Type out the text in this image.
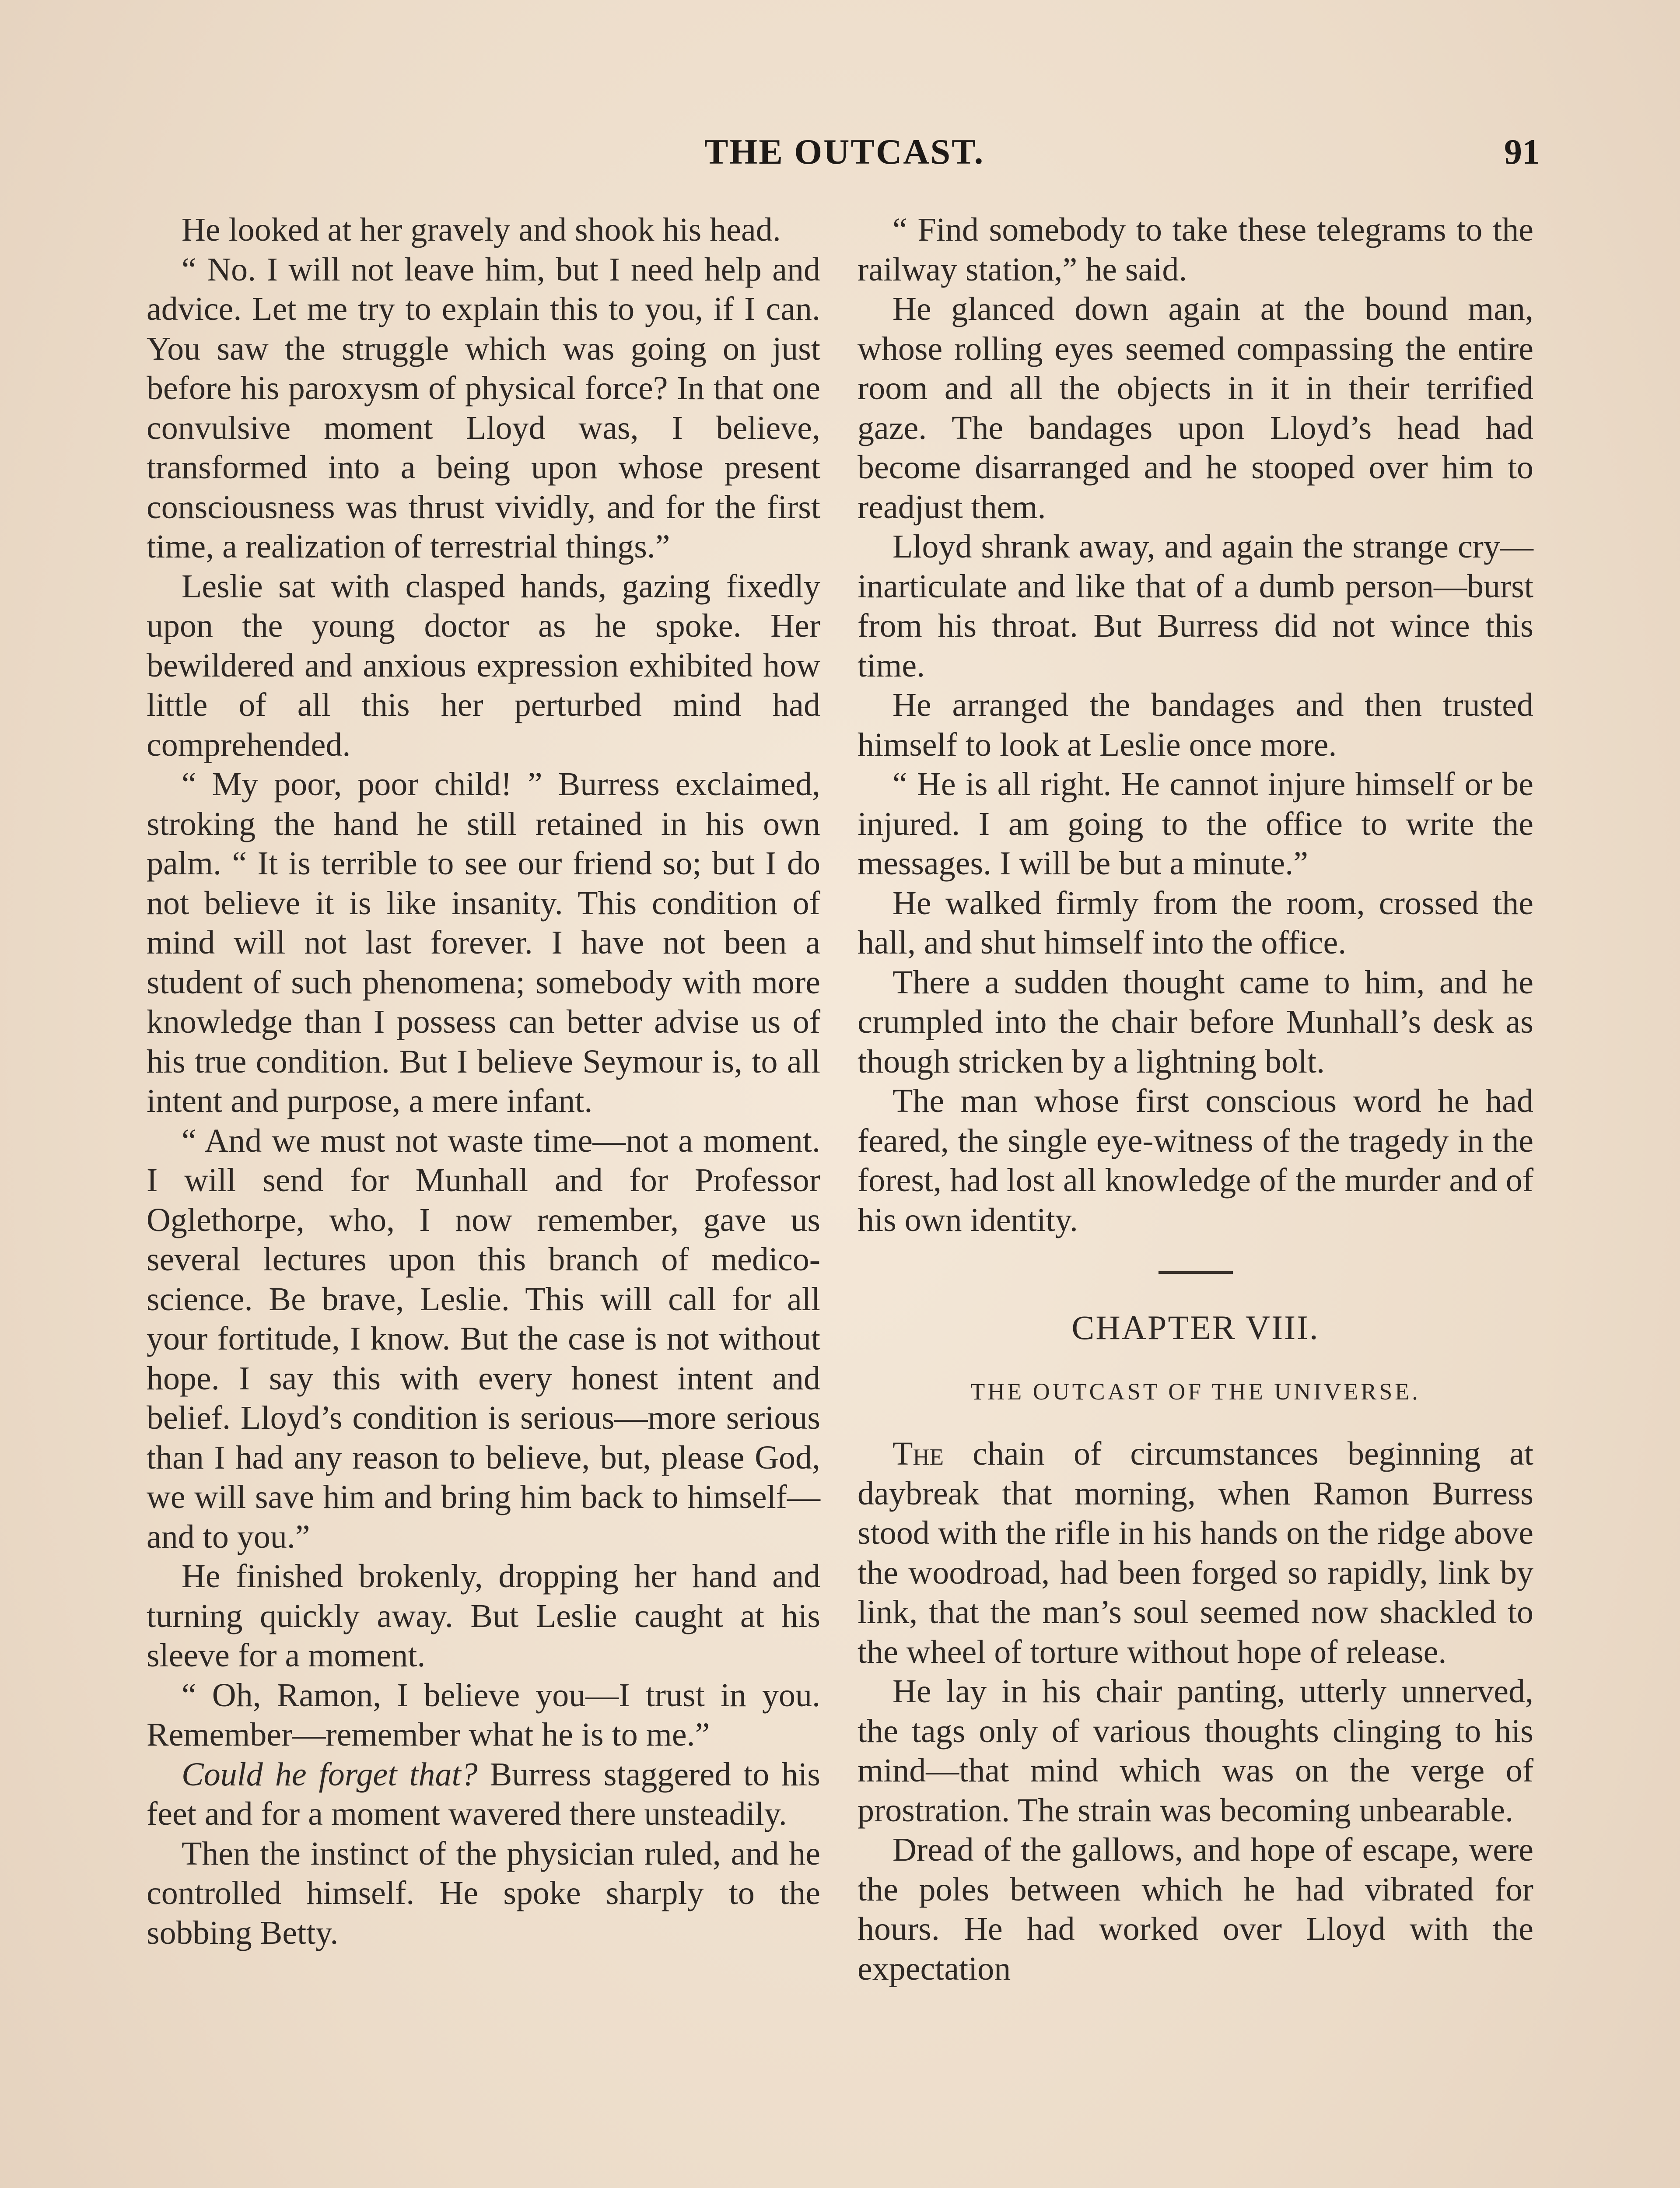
THE OUTCAST.	91

He looked at her gravely and shook his head.

“ No. I will not leave him, but I need help and advice. Let me try to explain this to you, if I can. You saw the struggle which was going on just before his paroxysm of physical force? In that one convulsive moment Lloyd was, I believe, transformed into a being upon whose present consciousness was thrust vividly, and for the first time, a realization of terrestrial things.”

Leslie sat with clasped hands, gazing fixedly upon the young doctor as he spoke. Her bewildered and anxious expression exhibited how little of all this her perturbed mind had comprehended.

“ My poor, poor child! ” Burress exclaimed, stroking the hand he still retained in his own palm. “ It is terrible to see our friend so; but I do not believe it is like insanity. This condition of mind will not last forever. I have not been a student of such phenomena; somebody with more knowledge than I possess can better advise us of his true condition. But I believe Seymour is, to all intent and purpose, a mere infant.

“ And we must not waste time—not a moment. I will send for Munhall and for Professor Oglethorpe, who, I now remember, gave us several lectures upon this branch of medico-science. Be brave, Leslie. This will call for all your fortitude, I know. But the case is not without hope. I say this with every honest intent and belief. Lloyd’s condition is serious—more serious than I had any reason to believe, but, please God, we will save him and bring him back to himself—and to you.”

He finished brokenly, dropping her hand and turning quickly away. But Leslie caught at his sleeve for a moment.

“ Oh, Ramon, I believe you—I trust in you. Remember—remember what he is to me.”

Could he forget that? Burress staggered to his feet and for a moment wavered there unsteadily.

Then the instinct of the physician ruled, and he controlled himself. He spoke sharply to the sobbing Betty.

“ Find somebody to take these telegrams to the railway station,” he said.

He glanced down again at the bound man, whose rolling eyes seemed compassing the entire room and all the objects in it in their terrified gaze. The bandages upon Lloyd’s head had become disarranged and he stooped over him to readjust them.

Lloyd shrank away, and again the strange cry—inarticulate and like that of a dumb person—burst from his throat. But Burress did not wince this time.

He arranged the bandages and then trusted himself to look at Leslie once more.

“ He is all right. He cannot injure himself or be injured. I am going to the office to write the messages. I will be but a minute.”

He walked firmly from the room, crossed the hall, and shut himself into the office.

There a sudden thought came to him, and he crumpled into the chair before Munhall’s desk as though stricken by a lightning bolt.

The man whose first conscious word he had feared, the single eye-witness of the tragedy in the forest, had lost all knowledge of the murder and of his own identity.

CHAPTER VIII.
THE OUTCAST OF THE UNIVERSE.

The chain of circumstances beginning at daybreak that morning, when Ramon Burress stood with the rifle in his hands on the ridge above the woodroad, had been forged so rapidly, link by link, that the man’s soul seemed now shackled to the wheel of torture without hope of release.

He lay in his chair panting, utterly unnerved, the tags only of various thoughts clinging to his mind—that mind which was on the verge of prostration. The strain was becoming unbearable.

Dread of the gallows, and hope of escape, were the poles between which he had vibrated for hours. He had worked over Lloyd with the expectation
